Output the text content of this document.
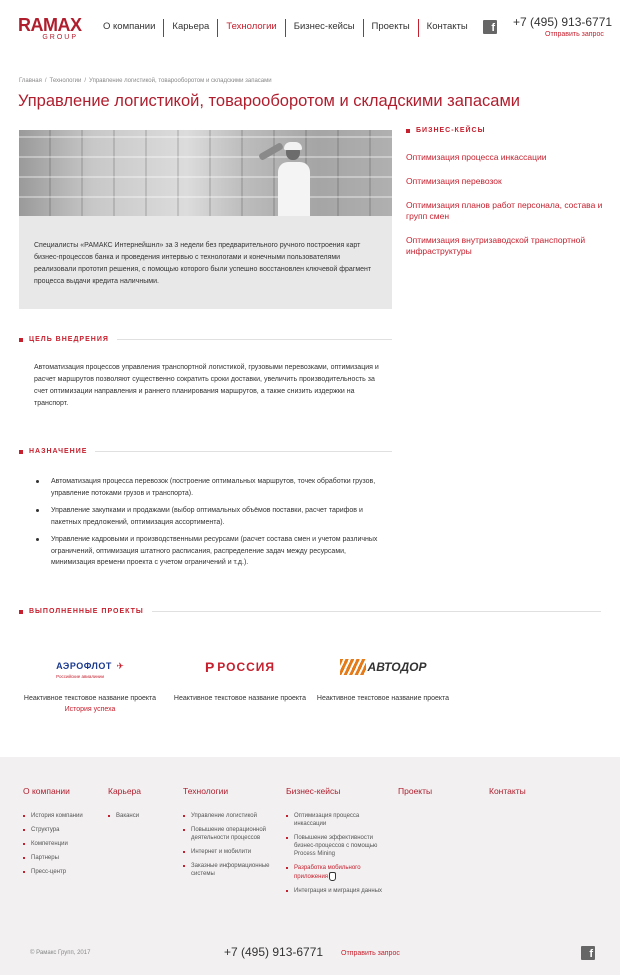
RAMAX
GROUP
О компании	Карьера	Технологии	Бизнес-кейсы	Проекты	Контакты	f +7 (495) 913-6771
Отправить запрос
Главная / Технологии / Управление логистикой, товарооборотом и складскими запасами
Управление логистикой, товарооборотом и складскими запасами

Специалисты «РАМАКС Интернейшнл» за 3 недели без предварительного ручного построения карт бизнес-процессов банка и проведения интервью с технологами и конечными пользователями реализовали прототип решения, с помощью которого были успешно восстановлен ключевой фрагмент процесса выдачи кредита наличными.

ЦЕЛЬ ВНЕДРЕНИЯ

Автоматизация процессов управления транспортной логистикой, грузовыми перевозками, оптимизация и расчет маршрутов позволяют существенно сократить сроки доставки, увеличить производительность за счет оптимизации направления и раннего планирования маршрутов, а также снизить издержки на транспорт.

НАЗНАЧЕНИЕ
Автоматизация процесса перевозок (построение оптимальных маршрутов, точек обработки грузов, управление потоками грузов и транспорта).
Управление закупками и продажами (выбор оптимальных объёмов поставки, расчет тарифов и пакетных предложений, оптимизация ассортимента).
Управление кадровыми и производственными ресурсами (расчет состава смен и учетом различных ограничений, оптимизация штатного расписания, распределение задач между ресурсами, минимизация времени проекта с учетом ограничений и т.д.).
БИЗНЕС-КЕЙСЫ
Оптимизация процесса инкассации
Оптимизация перевозок
Оптимизация планов работ персонала, состава и групп смен
Оптимизация внутризаводской транспортной инфраструктуры
ВЫПОЛНЕННЫЕ ПРОЕКТЫ
АЭРОФЛОТ ✈
Российские авиалинии
Неактивное текстовое название проекта
История успеха
Р РОССИЯ
Неактивное текстовое название проекта
АВТОДОР
Неактивное текстовое название проекта
О компании
История компании
Структура
Компетенции
Партнеры
Пресс-центр
Карьера
Ваканси
Технологии
Управление логистикой
Повышение операционной деятельности процессов
Интернет и мобилити
Заказные информационные системы
Бизнес-кейсы
Оптимизация процесса инкассации
Повышение эффективности бизнес-процессов с помощью Process Mining
Разработка мобильного приложения
Интеграция и миграция данных
Проекты	Контакты
© Рамакс Групп, 2017	+7 (495) 913-6771	Отправить запрос	f
